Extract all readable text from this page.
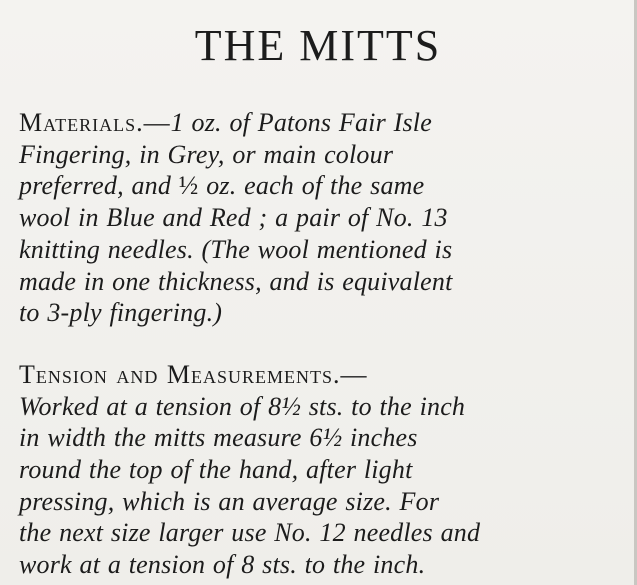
THE MITTS
Materials.—1 oz. of Patons Fair Isle
Fingering, in Grey, or main colour
preferred, and ½ oz. each of the same
wool in Blue and Red ; a pair of No. 13
knitting needles. (The wool mentioned is
made in one thickness, and is equivalent
to 3-ply fingering.)
Tension and Measurements.—
Worked at a tension of 8½ sts. to the inch
in width the mitts measure 6½ inches
round the top of the hand, after light
pressing, which is an average size. For
the next size larger use No. 12 needles and
work at a tension of 8 sts. to the inch.
